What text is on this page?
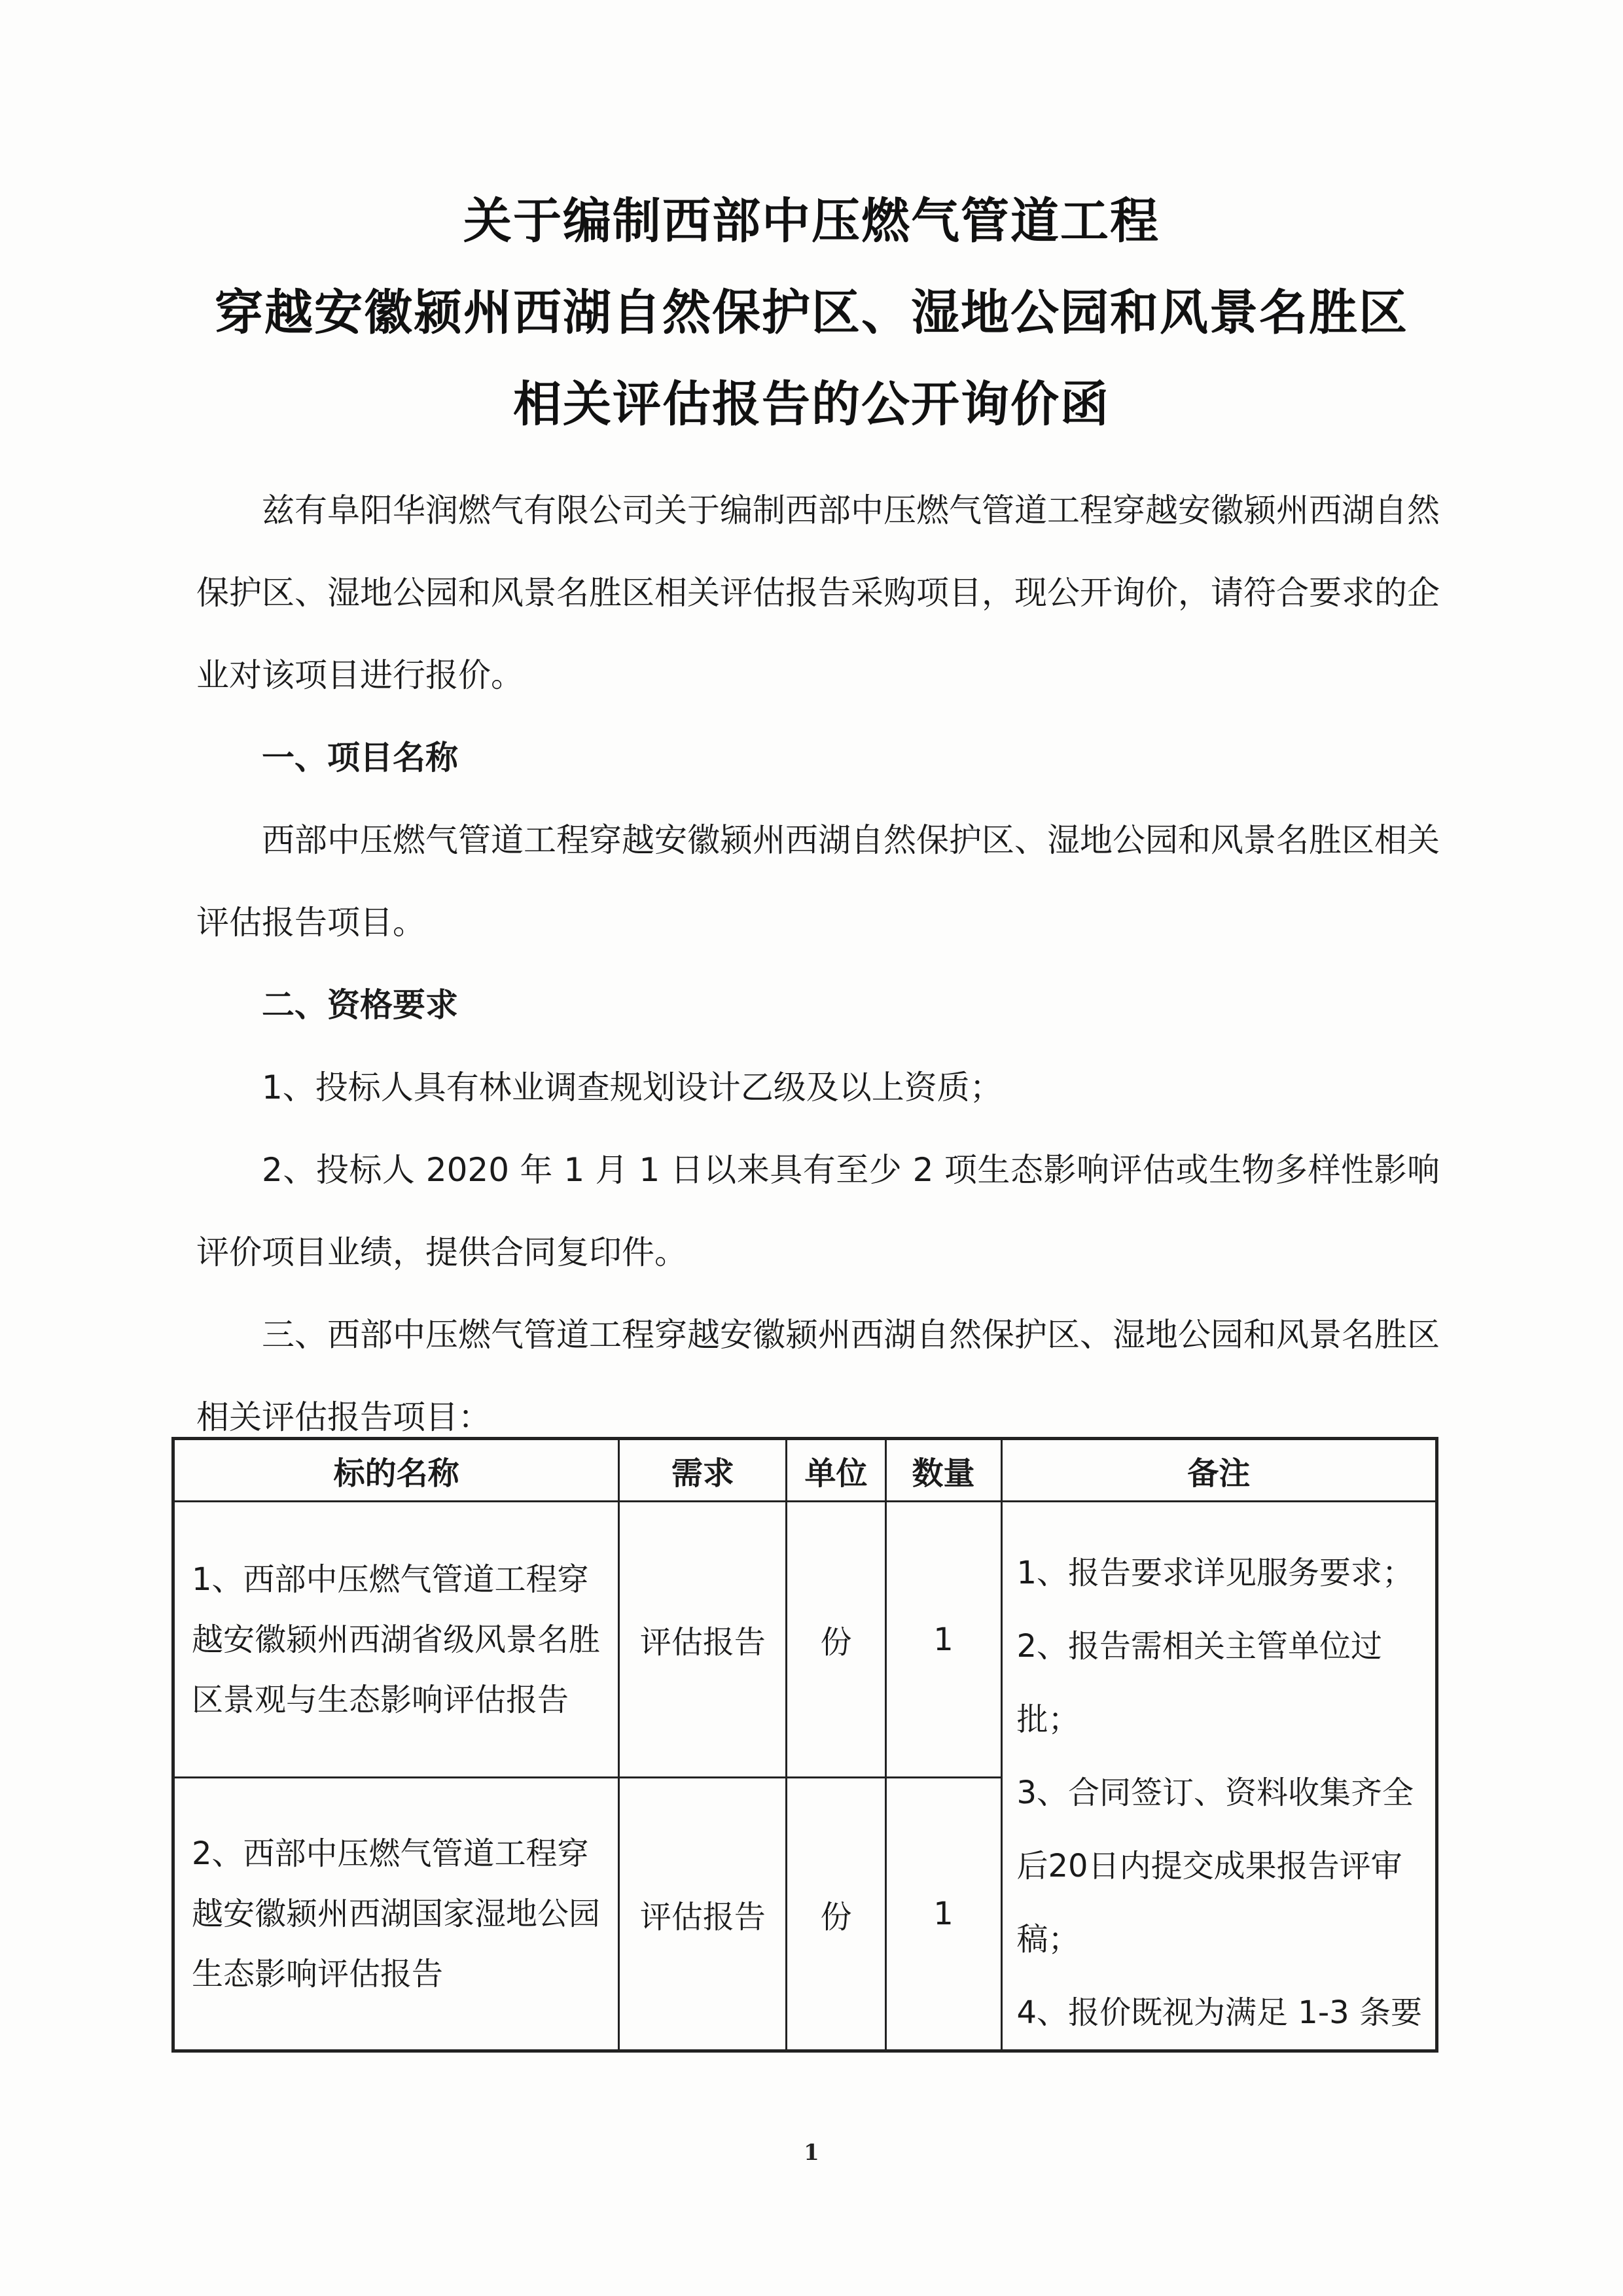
关于编制西部中压燃气管道工程
穿越安徽颍州西湖自然保护区、湿地公园和风景名胜区
相关评估报告的公开询价函

兹有阜阳华润燃气有限公司关于编制西部中压燃气管道工程穿越安徽颍州西湖自然保护区、湿地公园和风景名胜区相关评估报告采购项目，现公开询价，请符合要求的企业对该项目进行报价。

一、项目名称

西部中压燃气管道工程穿越安徽颍州西湖自然保护区、湿地公园和风景名胜区相关评估报告项目。

二、资格要求

1、投标人具有林业调查规划设计乙级及以上资质；

2、投标人 2020 年 1 月 1 日以来具有至少 2 项生态影响评估或生物多样性影响评价项目业绩，提供合同复印件。

三、西部中压燃气管道工程穿越安徽颍州西湖自然保护区、湿地公园和风景名胜区相关评估报告项目：

标的名称	需求	单位	数量	备注
1、西部中压燃气管道工程穿越安徽颍州西湖省级风景名胜区景观与生态影响评估报告	评估报告	份	1	1、报告要求详见服务要求；

2、报告需相关主管单位过批；

3、合同签订、资料收集齐全后20日内提交成果报告评审稿；

4、报价既视为满足 1-3 条要

2、西部中压燃气管道工程穿越安徽颍州西湖国家湿地公园生态影响评估报告	评估报告	份	1	
1
